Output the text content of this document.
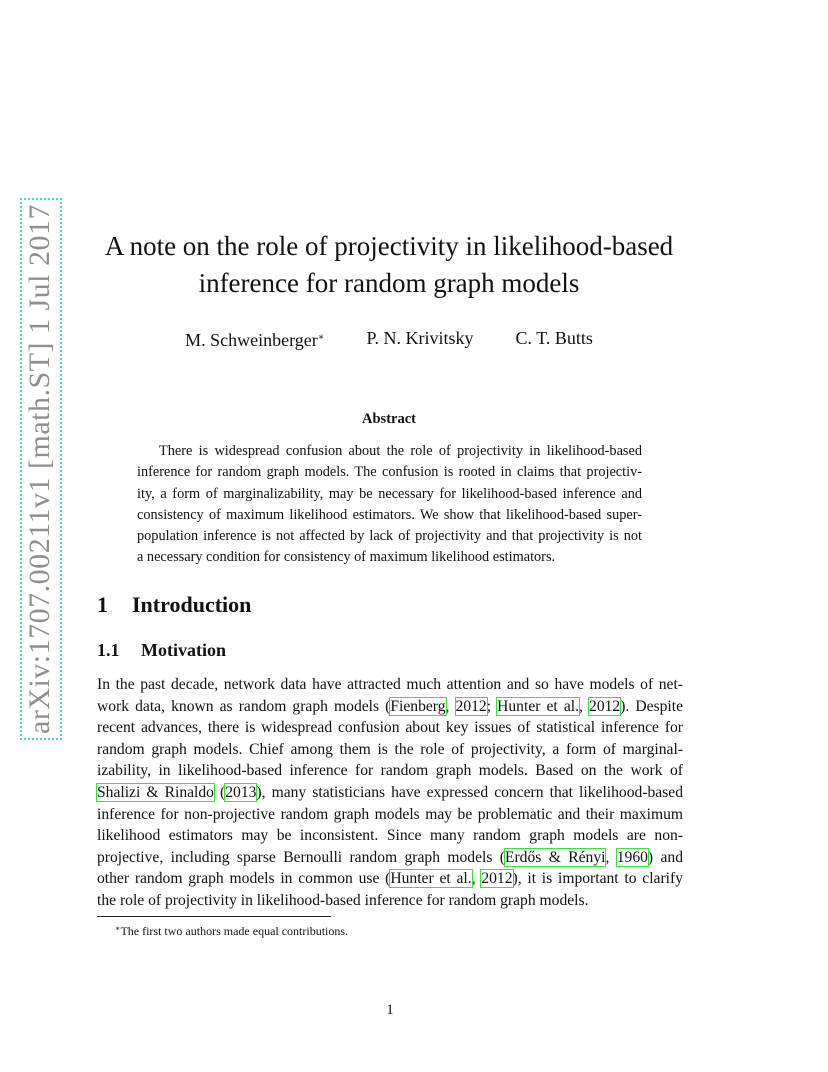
arXiv:1707.00211v1 [math.ST] 1 Jul 2017	A note on the role of projectivity in likelihood-based
inference for random graph models
M. Schweinberger∗ P. N. Krivitsky C. T. Butts
Abstract

There is widespread confusion about the role of projectivity in likelihood-based
inference for random graph models. The confusion is rooted in claims that projectiv-
ity, a form of marginalizability, may be necessary for likelihood-based inference and
consistency of maximum likelihood estimators. We show that likelihood-based super-
population inference is not affected by lack of projectivity and that projectivity is not
a necessary condition for consistency of maximum likelihood estimators.

1 Introduction
1.1 Motivation

In the past decade, network data have attracted much attention and so have models of net-
work data, known as random graph models (Fienberg, 2012; Hunter et al., 2012). Despite
recent advances, there is widespread confusion about key issues of statistical inference for
random graph models. Chief among them is the role of projectivity, a form of marginal-
izability, in likelihood-based inference for random graph models. Based on the work of
Shalizi & Rinaldo (2013), many statisticians have expressed concern that likelihood-based
inference for non-projective random graph models may be problematic and their maximum
likelihood estimators may be inconsistent. Since many random graph models are non-
projective, including sparse Bernoulli random graph models (Erdős & Rényi, 1960) and
other random graph models in common use (Hunter et al., 2012), it is important to clarify
the role of projectivity in likelihood-based inference for random graph models.

∗The first two authors made equal contributions.

1
